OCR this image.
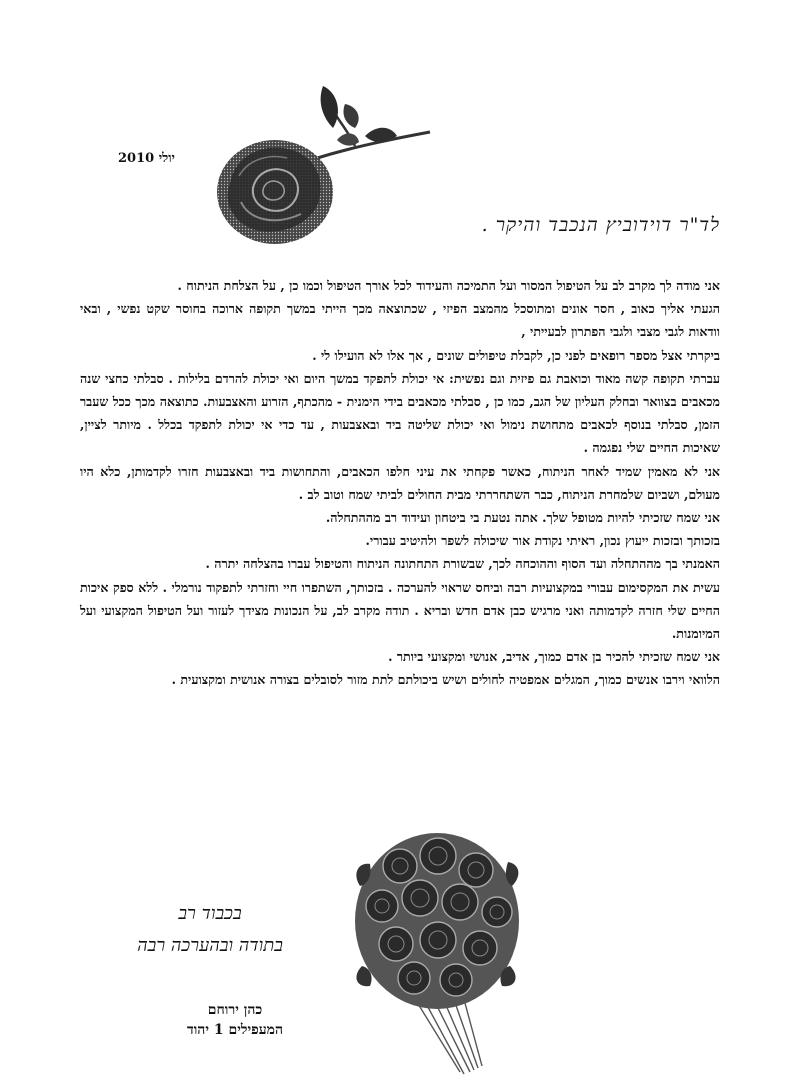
יולי 2010
לד"ר דוידוביץ הנכבד והיקר .

אני מודה לך מקרב לב על הטיפול המסור ועל התמיכה והעידוד לכל אורך הטיפול וכמו כן , על הצלחת הניתוח .

הגעתי אליך כאוב , חסר אונים ומתוסכל מהמצב הפיזי , שכתוצאה מכך הייתי במשך תקופה ארוכה בחוסר שקט נפשי , ובאי וודאות לגבי מצבי ולגבי הפתרון לבעייתי ,

ביקרתי אצל מספר רופאים לפני כן, לקבלת טיפולים שונים , אך אלו לא הועילו לי .

עברתי תקופה קשה מאוד וכואבת גם פיזית וגם נפשית: אי יכולת לתפקד במשך היום ואי יכולת להרדם בלילות . סבלתי כחצי שנה מכאבים בצוואר ובחלק העליון של הגב, כמו כן , סבלתי מכאבים בידי הימנית - מהכתף, הזרוע והאצבעות. כתוצאה מכך ככל שעבר הזמן, סבלתי בנוסף לכאבים מתחושת נימול ואי יכולת שליטה ביד ובאצבעות , עד כדי אי יכולת לתפקד בכלל . מיותר לציין, שאיכות החיים שלי נפגמה .

אני לא מאמין שמיד לאחר הניתוח, כאשר פקחתי את עיני חלפו הכאבים, והתחושות ביד ובאצבעות חזרו לקדמותן, כלא היו מעולם, ושביום שלמחרת הניתוח, כבר השתחררתי מבית החולים לביתי שמח וטוב לב .

אני שמח שזכיתי להיות מטופל שלך. אתה נטעת בי ביטחון ועידוד רב מההתחלה.

בזכותך ובזכות ייעוץ נכון, ראיתי נקודת אור שיכולה לשפר ולהיטיב עבורי.

האמנתי בך מההתחלה ועד הסוף וההוכחה לכך, שבשורת התחתונה הניתוח והטיפול עברו בהצלחה יתרה .

עשית את המקסימום עבורי במקצועיות רבה וביחס שראוי להערכה . בזכותך, השתפרו חיי וחזרתי לתפקוד נורמלי . ללא ספק איכות החיים שלי חזרה לקדמותה ואני מרגיש כבן אדם חדש ובריא . תודה מקרב לב, על הנכונות מצידך לעזור ועל הטיפול המקצועי ועל המיומנות.

אני שמח שזכיתי להכיר בן אדם כמוך, אדיב, אנושי ומקצועי ביותר .

הלוואי וירבו אנשים כמוך, המגלים אמפטיה לחולים ושיש ביכולתם לתת מזור לסובלים בצורה אנושית ומקצועית .

בכבוד רב
בתודה ובהערכה רבה
כהן ירוחם
המעפילים 1 יהוד
